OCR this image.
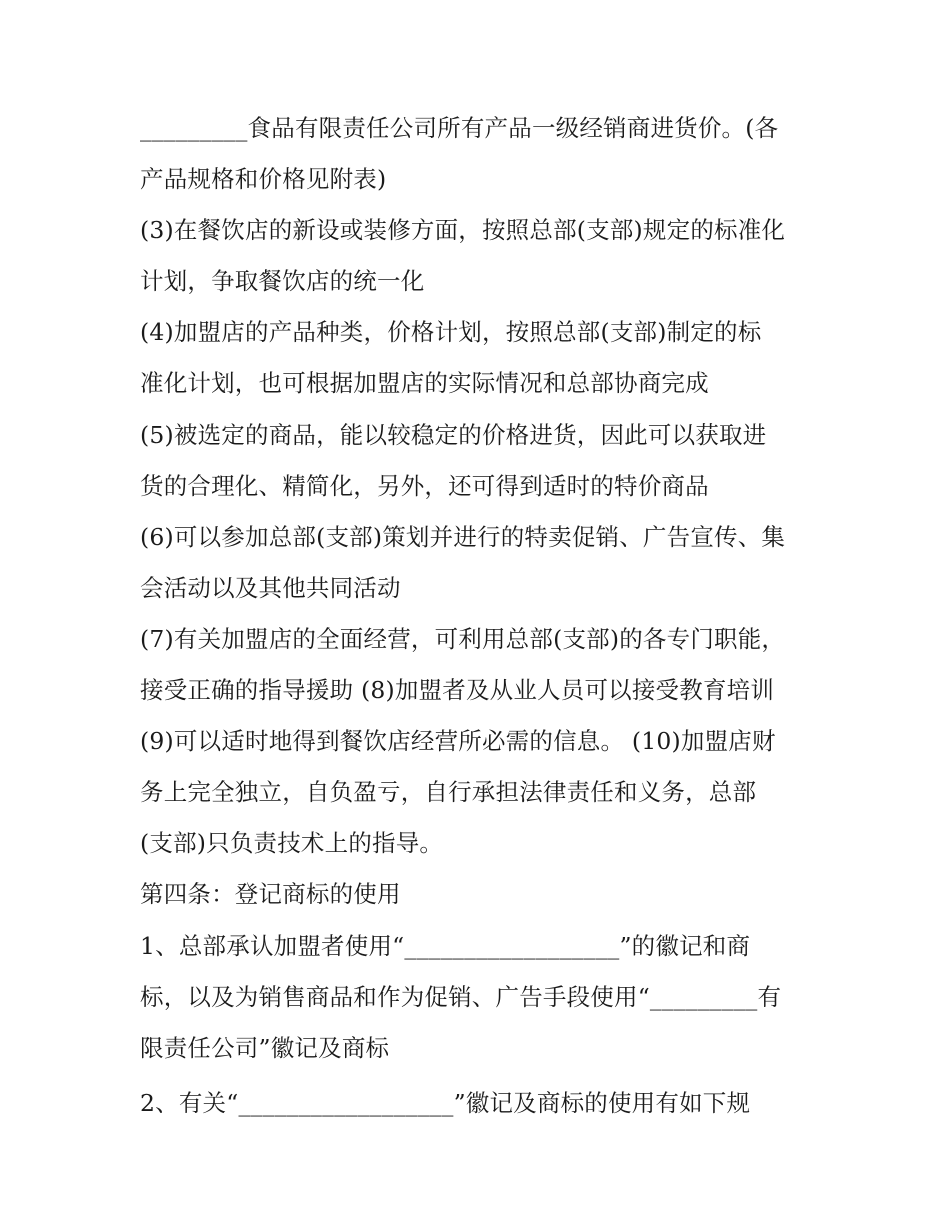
_________食品有限责任公司所有产品一级经销商进货价。(各
产品规格和价格见附表)
(3)在餐饮店的新设或装修方面，按照总部(支部)规定的标准化
计划，争取餐饮店的统一化
(4)加盟店的产品种类，价格计划，按照总部(支部)制定的标
准化计划，也可根据加盟店的实际情况和总部协商完成
(5)被选定的商品，能以较稳定的价格进货，因此可以获取进
货的合理化、精简化，另外，还可得到适时的特价商品
(6)可以参加总部(支部)策划并进行的特卖促销、广告宣传、集
会活动以及其他共同活动
(7)有关加盟店的全面经营，可利用总部(支部)的各专门职能，
接受正确的指导援助 (8)加盟者及从业人员可以接受教育培训
(9)可以适时地得到餐饮店经营所必需的信息。 (10)加盟店财
务上完全独立，自负盈亏，自行承担法律责任和义务，总部
(支部)只负责技术上的指导。
第四条：登记商标的使用
1、总部承认加盟者使用“__________________”的徽记和商
标，以及为销售商品和作为促销、广告手段使用“_________有
限责任公司”徽记及商标
2、有关“__________________”徽记及商标的使用有如下规
